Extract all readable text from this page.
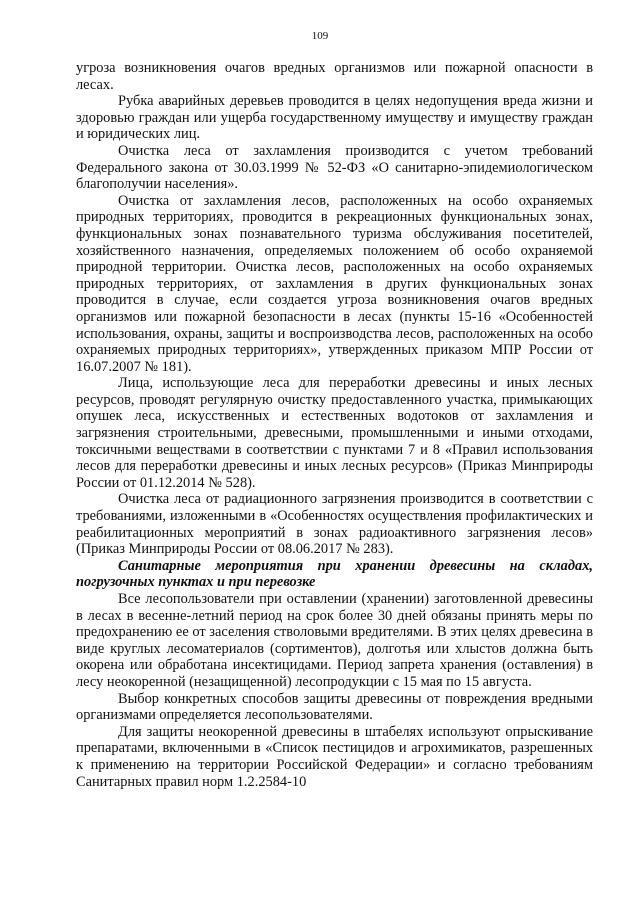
109

угроза возникновения очагов вредных организмов или пожарной опасности в лесах.

Рубка аварийных деревьев проводится в целях недопущения вреда жизни и здоровью граждан или ущерба государственному имуществу и имуществу граждан и юридических лиц.

Очистка леса от захламления производится с учетом требований Федерального закона от 30.03.1999 № 52-ФЗ «О санитарно-эпидемиологическом благополучии населения».

Очистка от захламления лесов, расположенных на особо охраняемых природных территориях, проводится в рекреационных функциональных зонах, функциональных зонах познавательного туризма обслуживания посетителей, хозяйственного назначения, определяемых положением об особо охраняемой природной территории. Очистка лесов, расположенных на особо охраняемых природных территориях, от захламления в других функциональных зонах проводится в случае, если создается угроза возникновения очагов вредных организмов или пожарной безопасности в лесах (пункты 15-16 «Особенностей использования, охраны, защиты и воспроизводства лесов, расположенных на особо охраняемых природных территориях», утвержденных приказом МПР России от 16.07.2007 № 181).

Лица, использующие леса для переработки древесины и иных лесных ресурсов, проводят регулярную очистку предоставленного участка, примыкающих опушек леса, искусственных и естественных водотоков от захламления и загрязнения строительными, древесными, промышленными и иными отходами, токсичными веществами в соответствии с пунктами 7 и 8 «Правил использования лесов для переработки древесины и иных лесных ресурсов» (Приказ Минприроды России от 01.12.2014 № 528).

Очистка леса от радиационного загрязнения производится в соответствии с требованиями, изложенными в «Особенностях осуществления профилактических и реабилитационных мероприятий в зонах радиоактивного загрязнения лесов» (Приказ Минприроды России от 08.06.2017 № 283).

Санитарные мероприятия при хранении древесины на складах, погрузочных пунктах и при перевозке

Все лесопользователи при оставлении (хранении) заготовленной древесины в лесах в весенне-летний период на срок более 30 дней обязаны принять меры по предохранению ее от заселения стволовыми вредителями. В этих целях древесина в виде круглых лесоматериалов (сортиментов), долготья или хлыстов должна быть окорена или обработана инсектицидами. Период запрета хранения (оставления) в лесу неокоренной (незащищенной) лесопродукции с 15 мая по 15 августа.

Выбор конкретных способов защиты древесины от повреждения вредными организмами определяется лесопользователями.

Для защиты неокоренной древесины в штабелях используют опрыскивание препаратами, включенными в «Список пестицидов и агрохимикатов, разрешенных к применению на территории Российской Федерации» и согласно требованиям Санитарных правил норм 1.2.2584-10
